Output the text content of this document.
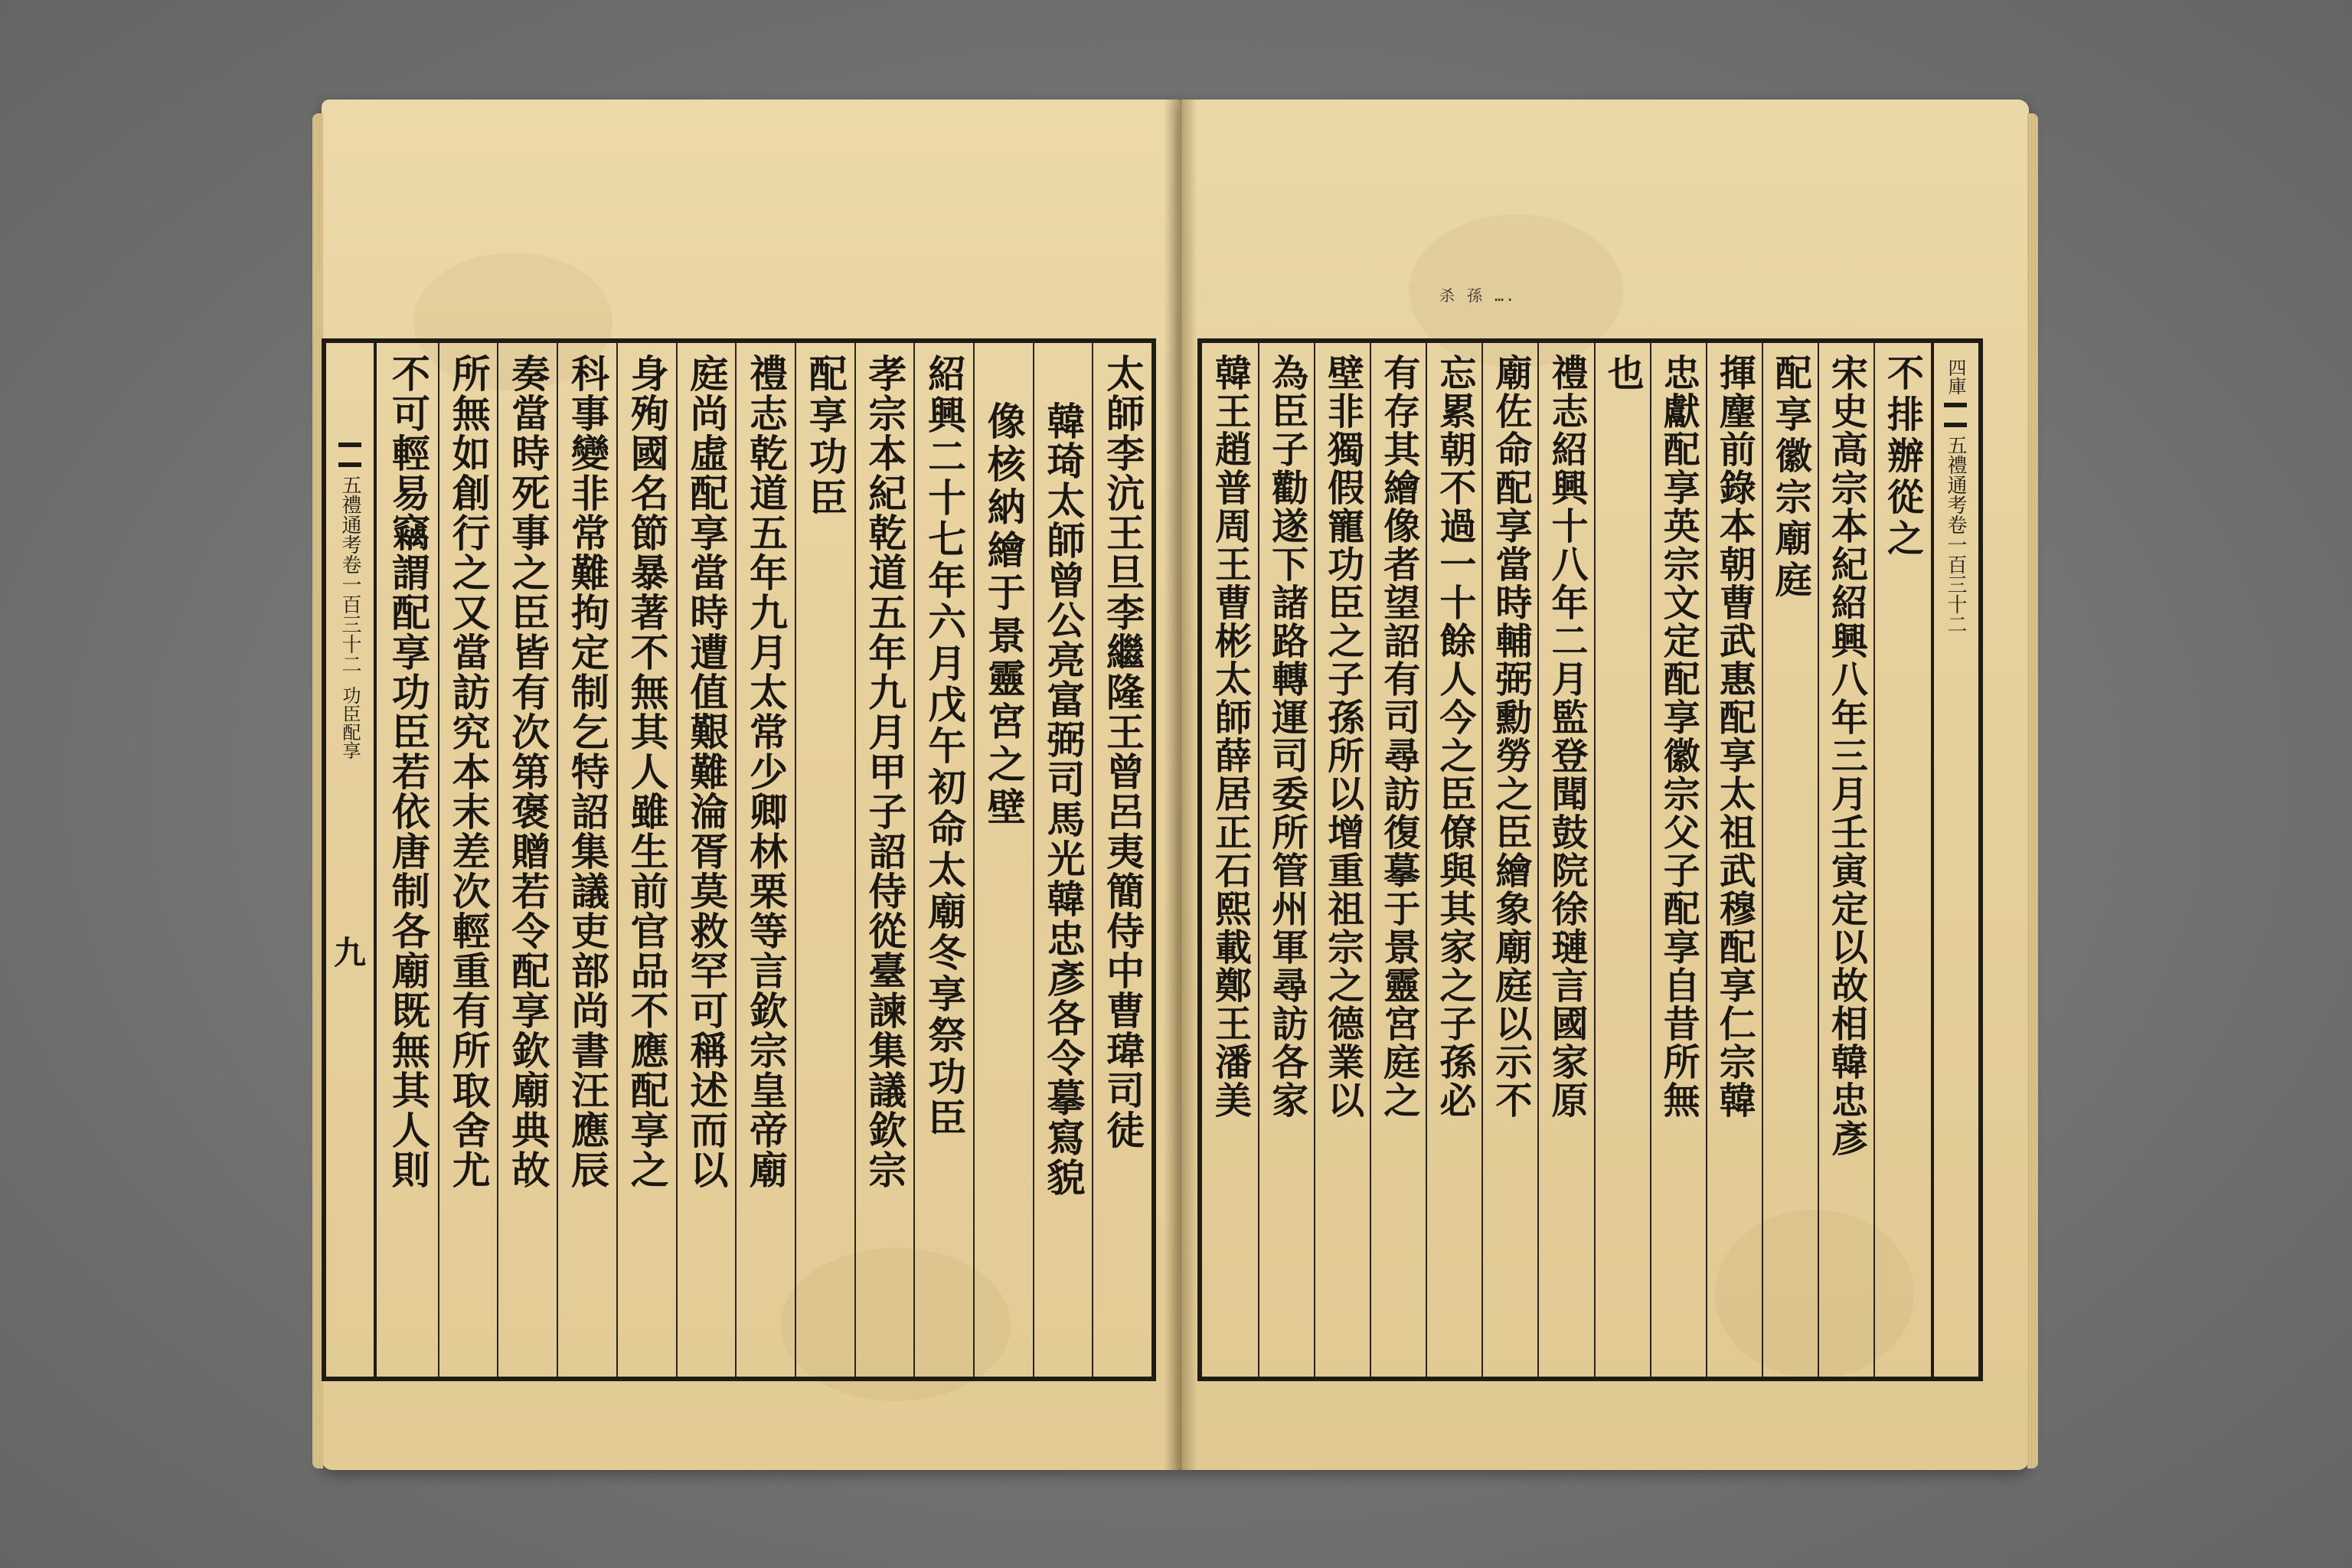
五禮通考卷一百三十二
功臣配享
九	太師李沆王旦李繼隆王曾呂夷簡侍中曹瑋司徒
韓琦太師曾公亮富弼司馬光韓忠彥各令摹寫貌
像核納繪于景靈宮之壁
紹興二十七年六月戊午初命太廟冬享祭功臣
孝宗本紀乾道五年九月甲子詔侍從臺諫集議欽宗
配享功臣
禮志乾道五年九月太常少卿林栗等言欽宗皇帝廟
庭尚虛配享當時遭值艱難淪胥莫救罕可稱述而以
身殉國名節暴著不無其人雖生前官品不應配享之
科事變非常難拘定制乞特詔集議吏部尚書汪應辰
奏當時死事之臣皆有次第褒贈若令配享欽廟典故
所無如創行之又當訪究本末差次輕重有所取舍尤
不可輕易竊謂配享功臣若依唐制各廟既無其人則
杀 孫 ….
不排辦從之
宋史高宗本紀紹興八年三月壬寅定以故相韓忠彥
配享徽宗廟庭
揮麈前錄本朝曹武惠配享太祖武穆配享仁宗韓
忠獻配享英宗文定配享徽宗父子配享自昔所無
也
禮志紹興十八年二月監登聞鼓院徐璉言國家原
廟佐命配享當時輔弼勳勞之臣繪象廟庭以示不
忘累朝不過一十餘人今之臣僚與其家之子孫必
有存其繪像者望詔有司尋訪復摹于景靈宮庭之
壁非獨假寵功臣之子孫所以增重祖宗之德業以
為臣子勸遂下諸路轉運司委所管州軍尋訪各家
韓王趙普周王曹彬太師薛居正石熙載鄭王潘美	四庫
五禮通考卷一百三十二
